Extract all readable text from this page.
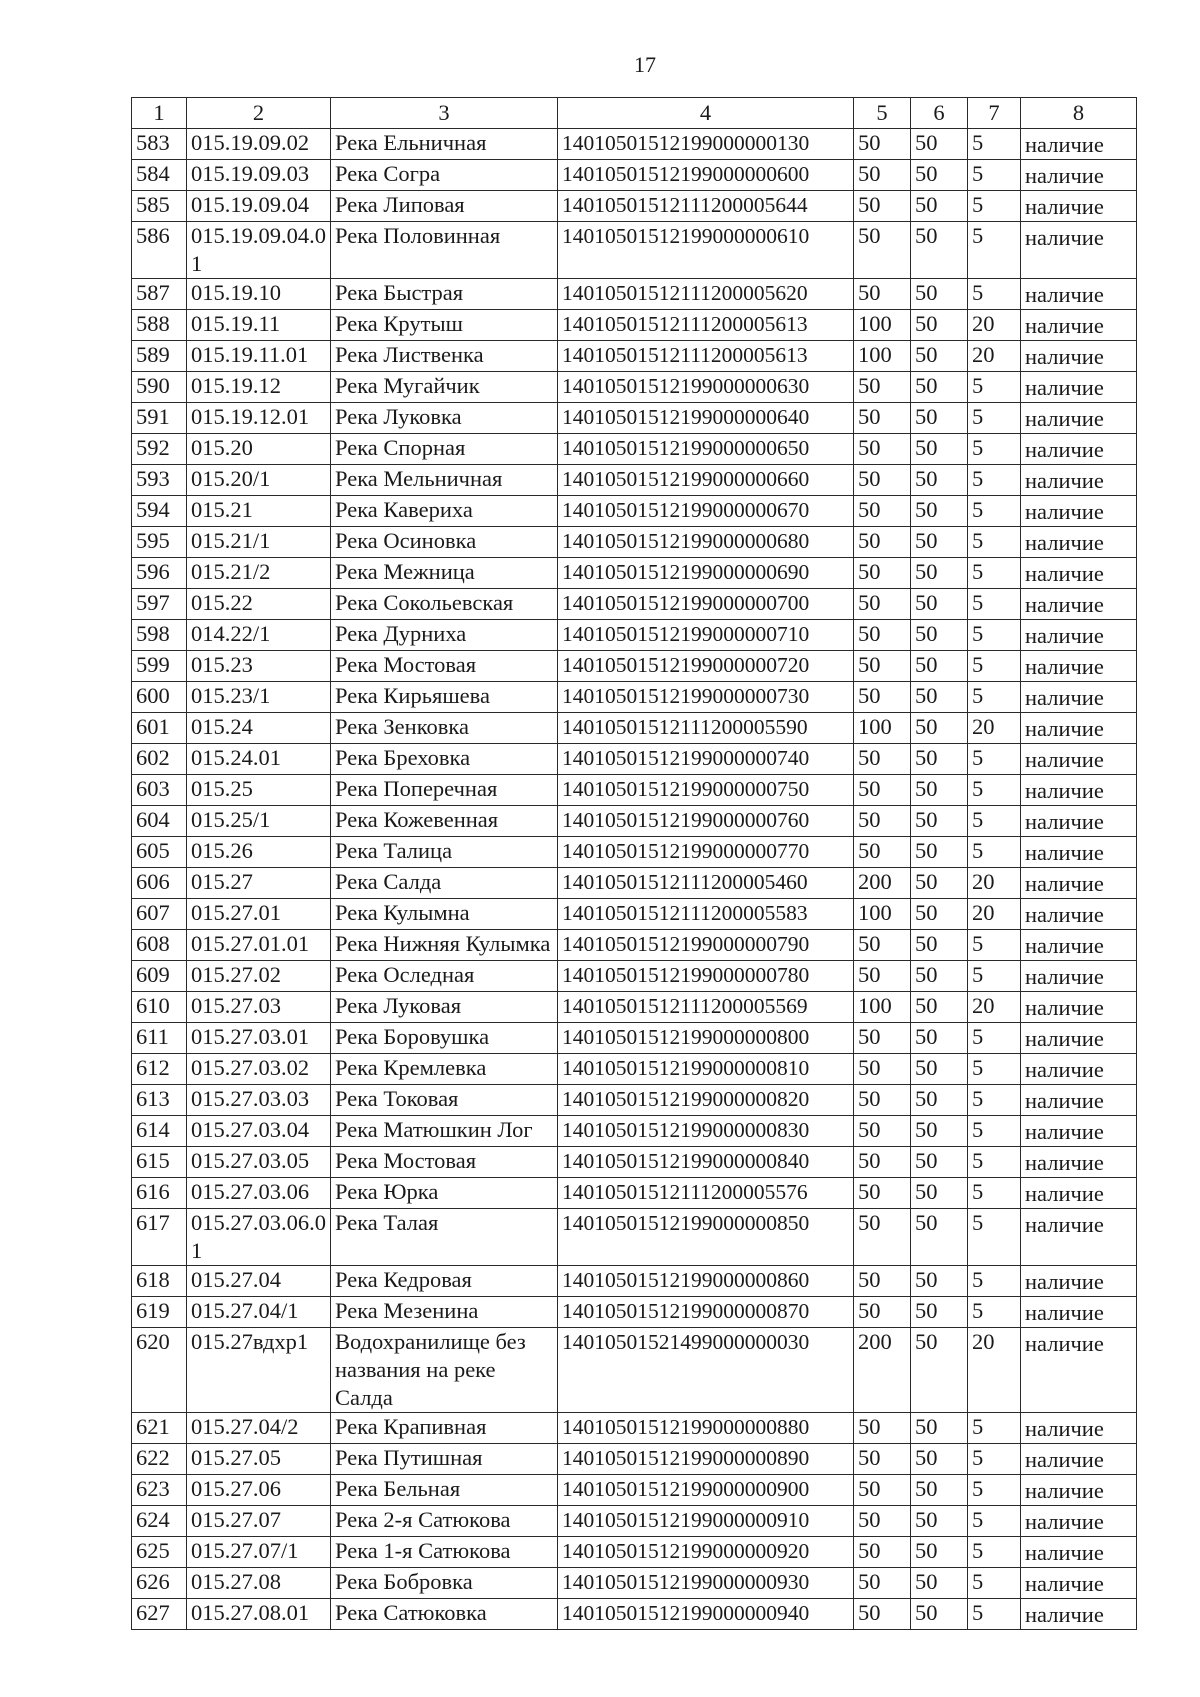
17
1	2	3	4	5	6	7	8
583	015.19.09.02	Река Ельничная	14010501512199000000130	50	50	5	наличие
584	015.19.09.03	Река Согра	14010501512199000000600	50	50	5	наличие
585	015.19.09.04	Река Липовая	14010501512111200005644	50	50	5	наличие
586	015.19.09.04.01	Река Половинная	14010501512199000000610	50	50	5	наличие
587	015.19.10	Река Быстрая	14010501512111200005620	50	50	5	наличие
588	015.19.11	Река Крутыш	14010501512111200005613	100	50	20	наличие
589	015.19.11.01	Река Лиственка	14010501512111200005613	100	50	20	наличие
590	015.19.12	Река Мугайчик	14010501512199000000630	50	50	5	наличие
591	015.19.12.01	Река Луковка	14010501512199000000640	50	50	5	наличие
592	015.20	Река Спорная	14010501512199000000650	50	50	5	наличие
593	015.20/1	Река Мельничная	14010501512199000000660	50	50	5	наличие
594	015.21	Река Кавериха	14010501512199000000670	50	50	5	наличие
595	015.21/1	Река Осиновка	14010501512199000000680	50	50	5	наличие
596	015.21/2	Река Межница	14010501512199000000690	50	50	5	наличие
597	015.22	Река Сокольевская	14010501512199000000700	50	50	5	наличие
598	014.22/1	Река Дурниха	14010501512199000000710	50	50	5	наличие
599	015.23	Река Мостовая	14010501512199000000720	50	50	5	наличие
600	015.23/1	Река Кирьяшева	14010501512199000000730	50	50	5	наличие
601	015.24	Река Зенковка	14010501512111200005590	100	50	20	наличие
602	015.24.01	Река Бреховка	14010501512199000000740	50	50	5	наличие
603	015.25	Река Поперечная	14010501512199000000750	50	50	5	наличие
604	015.25/1	Река Кожевенная	14010501512199000000760	50	50	5	наличие
605	015.26	Река Талица	14010501512199000000770	50	50	5	наличие
606	015.27	Река Салда	14010501512111200005460	200	50	20	наличие
607	015.27.01	Река Кулымна	14010501512111200005583	100	50	20	наличие
608	015.27.01.01	Река Нижняя Кулымка	14010501512199000000790	50	50	5	наличие
609	015.27.02	Река Оследная	14010501512199000000780	50	50	5	наличие
610	015.27.03	Река Луковая	14010501512111200005569	100	50	20	наличие
611	015.27.03.01	Река Боровушка	14010501512199000000800	50	50	5	наличие
612	015.27.03.02	Река Кремлевка	14010501512199000000810	50	50	5	наличие
613	015.27.03.03	Река Токовая	14010501512199000000820	50	50	5	наличие
614	015.27.03.04	Река Матюшкин Лог	14010501512199000000830	50	50	5	наличие
615	015.27.03.05	Река Мостовая	14010501512199000000840	50	50	5	наличие
616	015.27.03.06	Река Юрка	14010501512111200005576	50	50	5	наличие
617	015.27.03.06.01	Река Талая	14010501512199000000850	50	50	5	наличие
618	015.27.04	Река Кедровая	14010501512199000000860	50	50	5	наличие
619	015.27.04/1	Река Мезенина	14010501512199000000870	50	50	5	наличие
620	015.27вдхр1	Водохранилище без названия на реке Салда	14010501521499000000030	200	50	20	наличие
621	015.27.04/2	Река Крапивная	14010501512199000000880	50	50	5	наличие
622	015.27.05	Река Путишная	14010501512199000000890	50	50	5	наличие
623	015.27.06	Река Бельная	14010501512199000000900	50	50	5	наличие
624	015.27.07	Река 2-я Сатюкова	14010501512199000000910	50	50	5	наличие
625	015.27.07/1	Река 1-я Сатюкова	14010501512199000000920	50	50	5	наличие
626	015.27.08	Река Бобровка	14010501512199000000930	50	50	5	наличие
627	015.27.08.01	Река Сатюковка	14010501512199000000940	50	50	5	наличие
